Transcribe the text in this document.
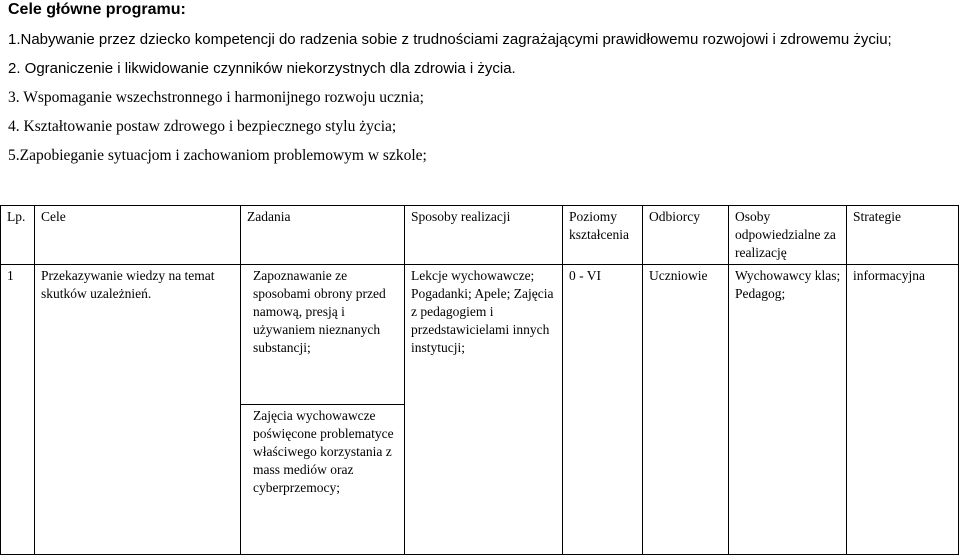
Cele główne programu:
1.Nabywanie przez dziecko kompetencji do radzenia sobie z trudnościami zagrażającymi prawidłowemu rozwojowi i zdrowemu życiu;
2. Ograniczenie i likwidowanie czynników niekorzystnych dla zdrowia i życia.
3. Wspomaganie wszechstronnego i harmonijnego rozwoju ucznia;
4. Kształtowanie postaw zdrowego i bezpiecznego stylu życia;
5.Zapobieganie sytuacjom i zachowaniom problemowym w szkole;
Lp.	Cele	Zadania	Sposoby realizacji	Poziomy kształcenia	Odbiorcy	Osoby odpowiedzialne za realizację	Strategie
1	Przekazywanie wiedzy na temat skutków uzależnień.	Zapoznawanie ze sposobami obrony przed namową, presją i używaniem nieznanych substancji;	Lekcje wychowawcze; Pogadanki; Apele; Zajęcia z pedagogiem i przedstawicielami innych instytucji;	0 - VI	Uczniowie	Wychowawcy klas; Pedagog;	informacyjna
		Zajęcia wychowawcze poświęcone problematyce właściwego korzystania z mass mediów oraz cyberprzemocy;					
